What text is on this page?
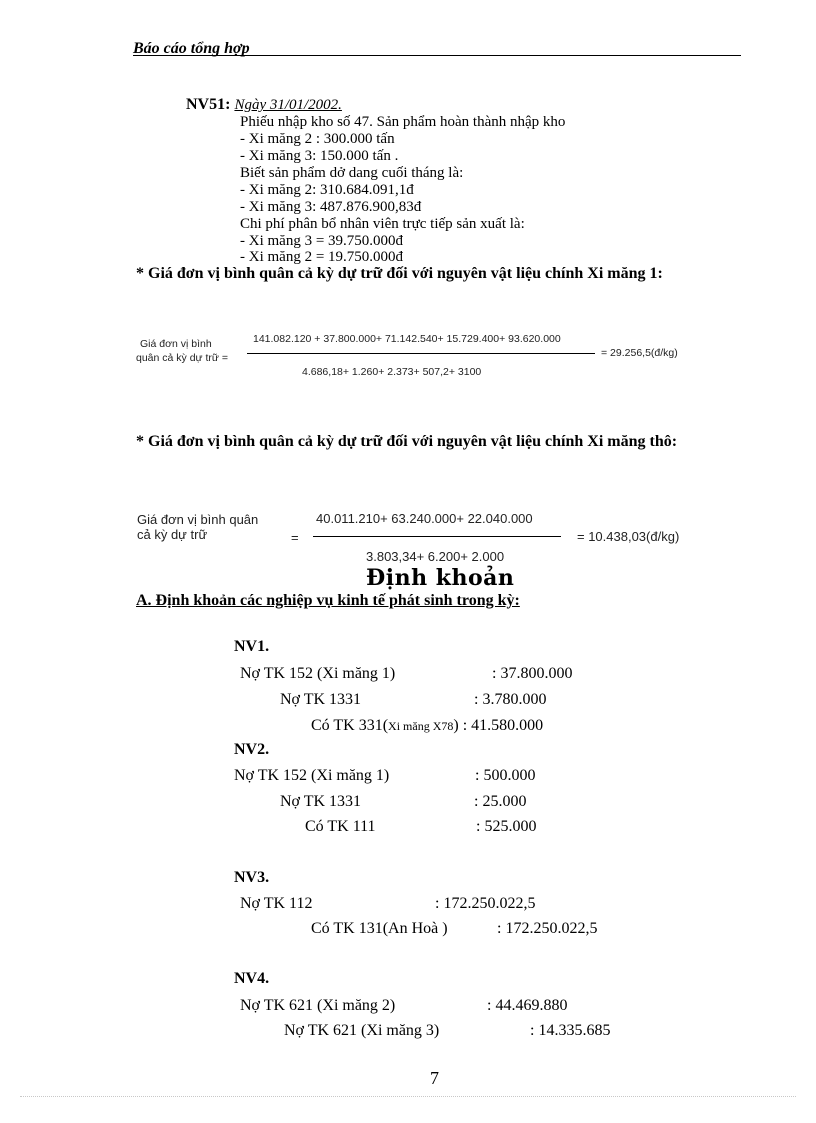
Báo cáo tổng hợp
NV51: Ngày 31/01/2002.
Phiếu nhập kho số 47. Sản phẩm hoàn thành nhập kho
- Xi măng 2 : 300.000 tấn
- Xi măng 3: 150.000 tấn .
Biết sản phẩm dở dang cuối tháng là:
- Xi măng 2: 310.684.091,1đ
- Xi măng 3: 487.876.900,83đ
Chi phí phân bổ nhân viên trực tiếp sản xuất là:
- Xi măng 3 = 39.750.000đ
- Xi măng 2 = 19.750.000đ
* Giá đơn vị bình quân cả kỳ dự trữ đối với nguyên vật liệu chính Xi măng 1:
Giá đơn vị bình
quân cả kỳ dự trữ =
141.082.120 + 37.800.000+ 71.142.540+ 15.729.400+ 93.620.000
4.686,18+ 1.260+ 2.373+ 507,2+ 3100
= 29.256,5(đ/kg)
* Giá đơn vị bình quân cả kỳ dự trữ đối với nguyên vật liệu chính Xi măng thô:
Giá đơn vị bình quân
cả kỳ dự trữ	=
40.011.210+ 63.240.000+ 22.040.000
3.803,34+ 6.200+ 2.000
= 10.438,03(đ/kg)
Định khoản
A. Định khoản các nghiệp vụ kinh tế phát sinh trong kỳ:
NV1.
Nợ TK 152 (Xi măng 1)	: 37.800.000
Nợ TK 1331	: 3.780.000
Có TK 331(Xi măng X78) : 41.580.000
NV2.
Nợ TK 152 (Xi măng 1)	: 500.000
Nợ TK 1331	: 25.000
Có TK 111	: 525.000
NV3.
Nợ TK 112	: 172.250.022,5
Có TK 131(An Hoà )	: 172.250.022,5
NV4.
Nợ TK 621 (Xi măng 2)	: 44.469.880
Nợ TK 621 (Xi măng 3)	: 14.335.685
7
